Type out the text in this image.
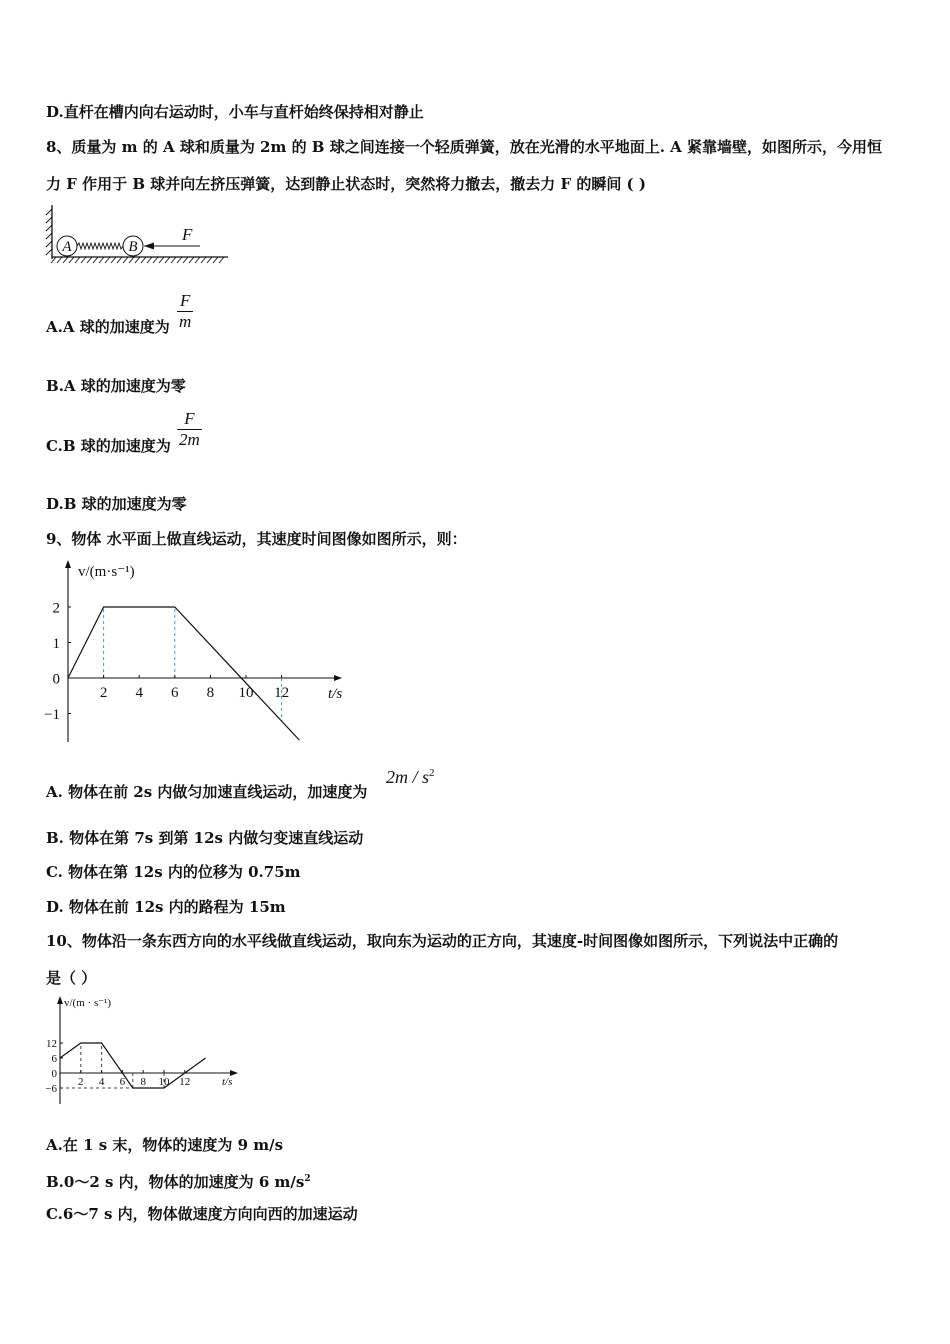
D.直杆在槽内向右运动时，小车与直杆始终保持相对静止
8、质量为 m 的 A 球和质量为 2m 的 B 球之间连接一个轻质弹簧，放在光滑的水平地面上. A 紧靠墙壁，如图所示，今用恒
力 F 作用于 B 球并向左挤压弹簧，达到静止状态时，突然将力撤去，撤去力 F 的瞬间 ( )
A	B
F
A.A 球的加速度为
F
m
B.A 球的加速度为零
C.B 球的加速度为
F
2m
D.B 球的加速度为零
9、物体 水平面上做直线运动，其速度时间图像如图所示，则：
2 4 6 8 10 12
2
1
0
−1
v/(m·s⁻¹)
t/s
A. 物体在前 2s 内做匀加速直线运动，加速度为
$2m / s^2$
B. 物体在第 7s 到第 12s 内做匀变速直线运动
C. 物体在第 12s 内的位移为 0.75m
D. 物体在前 12s 内的路程为 15m
10、物体沿一条东西方向的水平线做直线运动，取向东为运动的正方向，其速度-时间图像如图所示，下列说法中正确的
是（ ）
2 4 6 8 10 12
12
6
0
−6
v/(m · s⁻¹)
t/s
A.在 1 s 末，物体的速度为 9 m/s
B.0～2 s 内，物体的加速度为 6 $m/s^2$
C.6～7 s 内，物体做速度方向向西的加速运动
